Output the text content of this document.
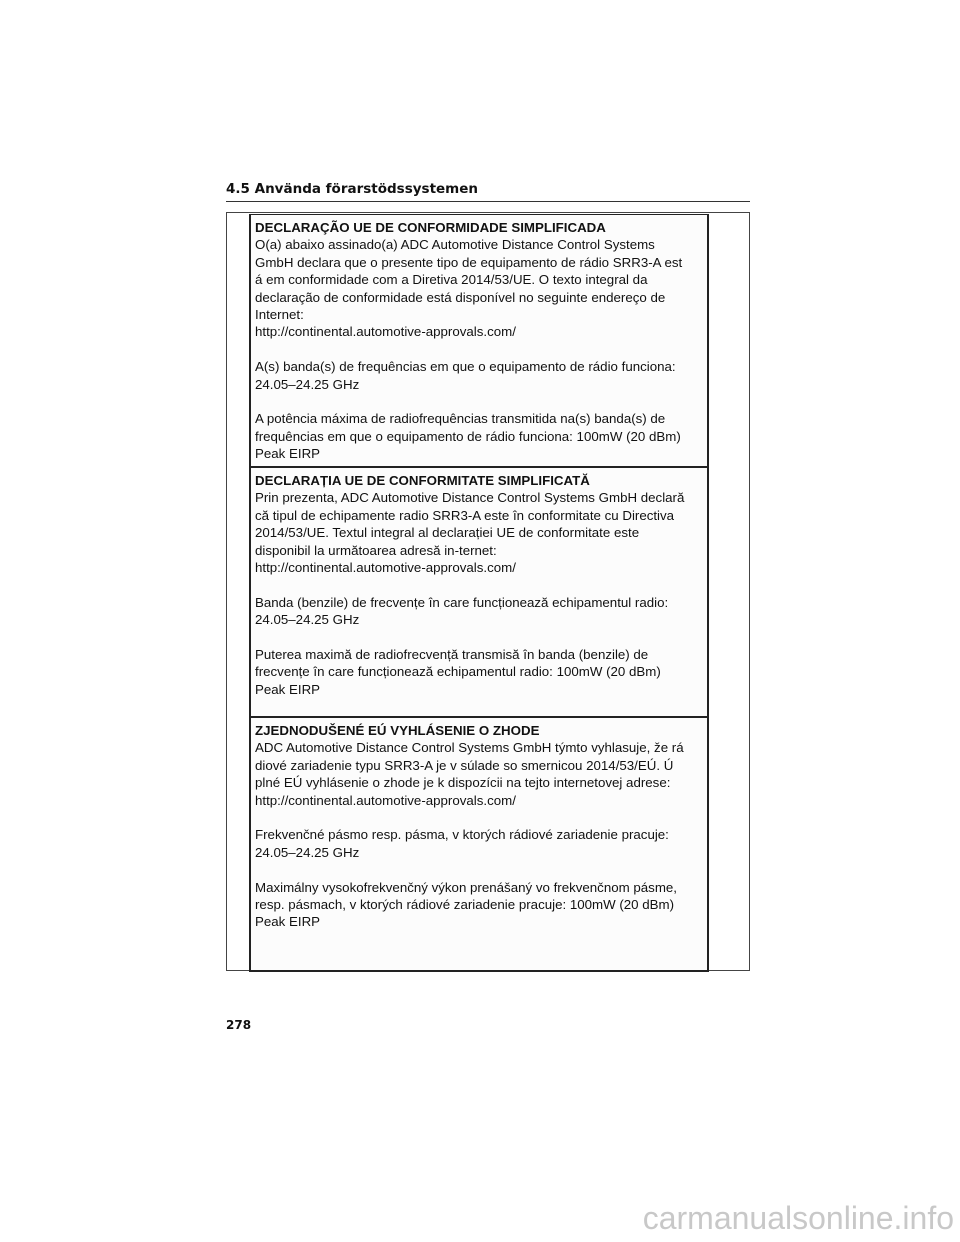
4.5 Använda förarstödssystemen
DECLARAÇÃO UE DE CONFORMIDADE SIMPLIFICADA
O(a) abaixo assinado(a) ADC Automotive Distance Control Systems
GmbH declara que o presente tipo de equipamento de rádio SRR3-A est
á em conformidade com a Diretiva 2014/53/UE. O texto integral da
declaração de conformidade está disponível no seguinte endereço de
Internet:
http://continental.automotive-approvals.com/
A(s) banda(s) de frequências em que o equipamento de rádio funciona:
24.05–24.25 GHz
A potência máxima de radiofrequências transmitida na(s) banda(s) de
frequências em que o equipamento de rádio funciona: 100mW (20 dBm)
Peak EIRP
DECLARAȚIA UE DE CONFORMITATE SIMPLIFICATĂ
Prin prezenta, ADC Automotive Distance Control Systems GmbH declară
că tipul de echipamente radio SRR3-A este în conformitate cu Directiva
2014/53/UE. Textul integral al declarației UE de conformitate este
disponibil la următoarea adresă in-ternet:
http://continental.automotive-approvals.com/
Banda (benzile) de frecvențe în care funcționează echipamentul radio:
24.05–24.25 GHz
Puterea maximă de radiofrecvență transmisă în banda (benzile) de
frecvențe în care funcționează echipamentul radio: 100mW (20 dBm)
Peak EIRP
ZJEDNODUŠENÉ EÚ VYHLÁSENIE O ZHODE
ADC Automotive Distance Control Systems GmbH týmto vyhlasuje, že rá
diové zariadenie typu SRR3-A je v súlade so smernicou 2014/53/EÚ. Ú
plné EÚ vyhlásenie o zhode je k dispozícii na tejto internetovej adrese:
http://continental.automotive-approvals.com/
Frekvenčné pásmo resp. pásma, v ktorých rádiové zariadenie pracuje:
24.05–24.25 GHz
Maximálny vysokofrekvenčný výkon prenášaný vo frekvenčnom pásme,
resp. pásmach, v ktorých rádiové zariadenie pracuje: 100mW (20 dBm)
Peak EIRP
278
carmanualsonline.info
